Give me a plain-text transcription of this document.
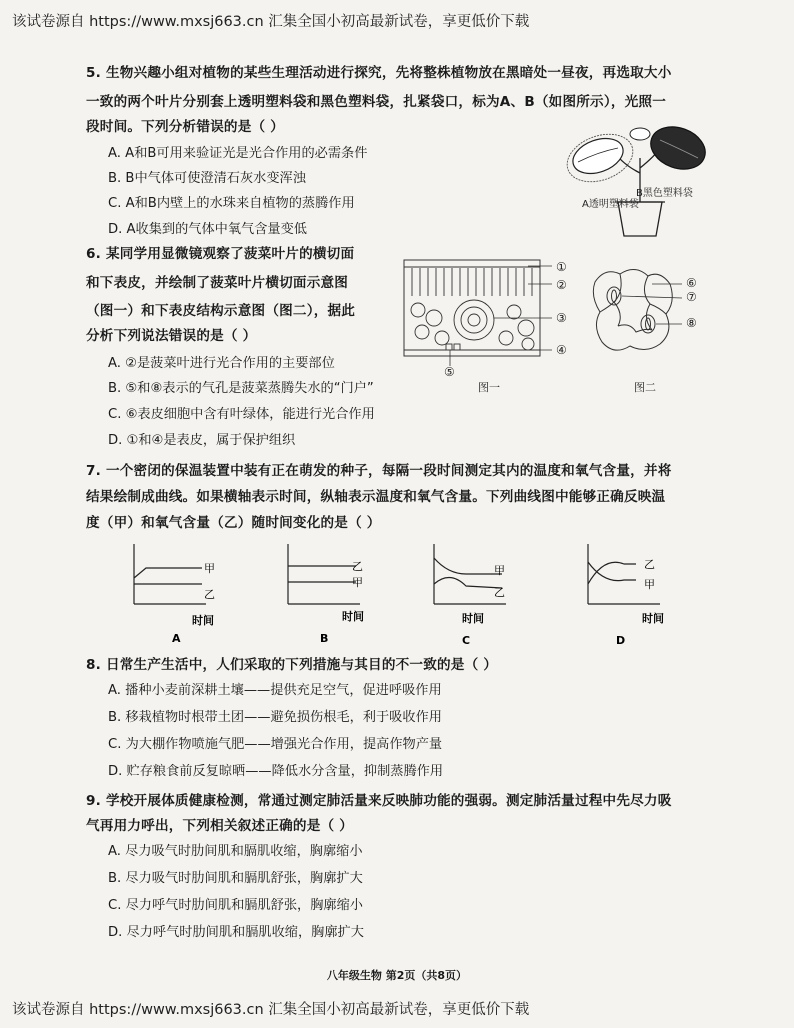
该试卷源自 https://www.mxsj663.cn 汇集全国小初高最新试卷，享更低价下载
5. 生物兴趣小组对植物的某些生理活动进行探究，先将整株植物放在黑暗处一昼夜，再选取大小
一致的两个叶片分别套上透明塑料袋和黑色塑料袋，扎紧袋口，标为A、B（如图所示），光照一
段时间。下列分析错误的是（ ）
A. A和B可用来验证光是光合作用的必需条件
B. B中气体可使澄清石灰水变浑浊
C. A和B内壁上的水珠来自植物的蒸腾作用
D. A收集到的气体中氧气含量变低
A透明塑料袋
B黑色塑料袋
6. 某同学用显微镜观察了菠菜叶片的横切面
和下表皮，并绘制了菠菜叶片横切面示意图
（图一）和下表皮结构示意图（图二），据此
分析下列说法错误的是（ ）
A. ②是菠菜叶进行光合作用的主要部位
B. ⑤和⑧表示的气孔是菠菜蒸腾失水的“门户”
C. ⑥表皮细胞中含有叶绿体，能进行光合作用
D. ①和④是表皮，属于保护组织
①
②
③
④
⑤
图一
⑥
⑦
⑧
图二
7. 一个密闭的保温装置中装有正在萌发的种子，每隔一段时间测定其内的温度和氧气含量，并将
结果绘制成曲线。如果横轴表示时间，纵轴表示温度和氧气含量。下列曲线图中能够正确反映温
度（甲）和氧气含量（乙）随时间变化的是（ ）
甲
乙
时间
A
乙
甲
时间
B
甲
乙
时间
C
乙
甲
时间
D
8. 日常生产生活中，人们采取的下列措施与其目的不一致的是（ ）
A. 播种小麦前深耕土壤——提供充足空气，促进呼吸作用
B. 移栽植物时根带土团——避免损伤根毛，利于吸收作用
C. 为大棚作物喷施气肥——增强光合作用，提高作物产量
D. 贮存粮食前反复晾晒——降低水分含量，抑制蒸腾作用
9. 学校开展体质健康检测，常通过测定肺活量来反映肺功能的强弱。测定肺活量过程中先尽力吸
气再用力呼出，下列相关叙述正确的是（ ）
A. 尽力吸气时肋间肌和膈肌收缩，胸廓缩小
B. 尽力吸气时肋间肌和膈肌舒张，胸廓扩大
C. 尽力呼气时肋间肌和膈肌舒张，胸廓缩小
D. 尽力呼气时肋间肌和膈肌收缩，胸廓扩大
八年级生物 第2页（共8页）
该试卷源自 https://www.mxsj663.cn 汇集全国小初高最新试卷，享更低价下载
